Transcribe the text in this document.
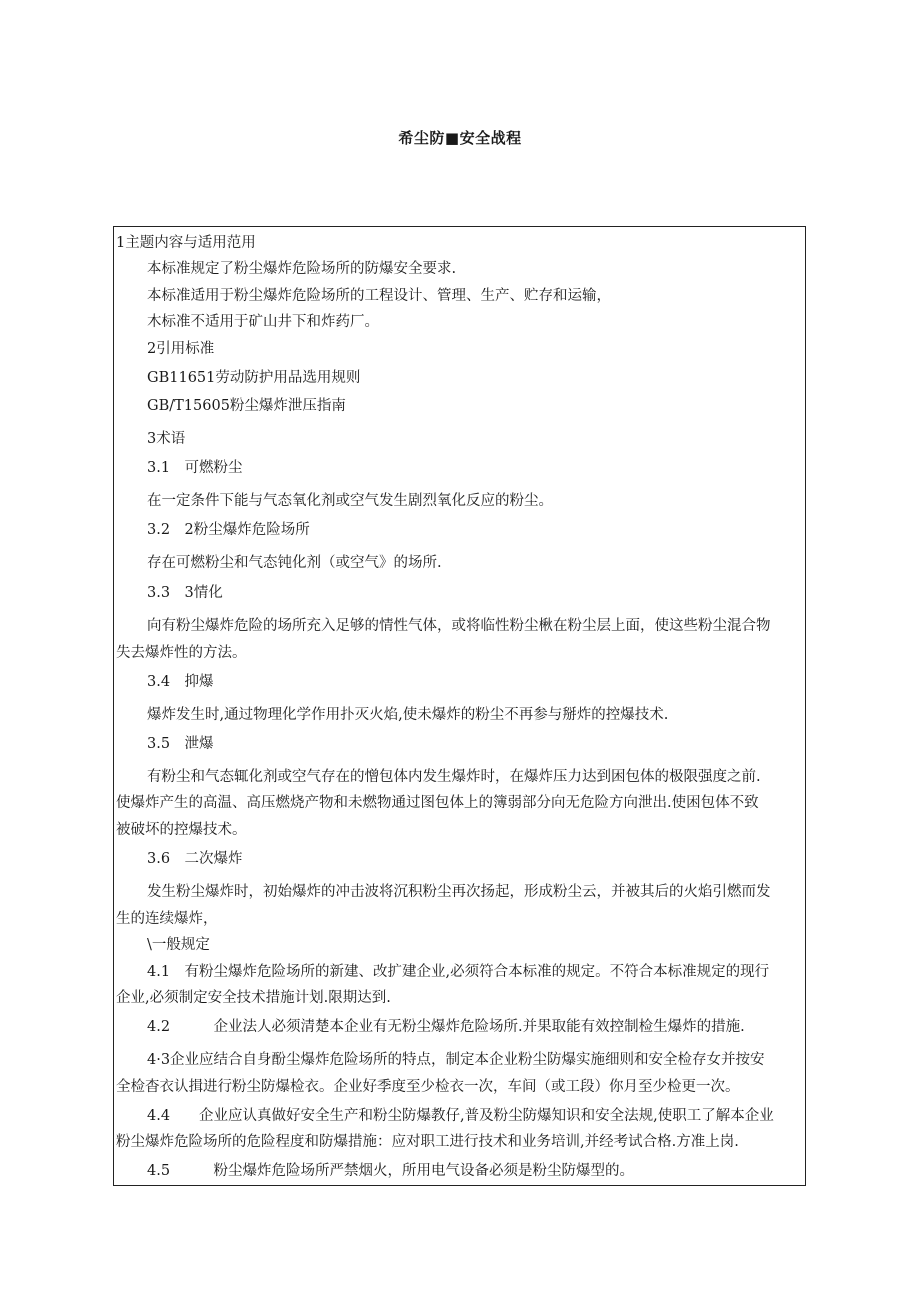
希尘防■安全战程
1主题内容与适用范用
本标准规定了粉尘爆炸危险场所的防爆安全要求.
本标准适用于粉尘爆炸危险场所的工程设计、管理、生产、贮存和运输，
木标准不适用于矿山井下和炸药厂。
2引用标准
GB11651劳动防护用品选用规则
GB/T15605粉尘爆炸泄压指南
3术语
3.1　可燃粉尘
在一定条件下能与气态氧化剂或空气发生剧烈氧化反应的粉尘。
3.2　2粉尘爆炸危险场所
存在可燃粉尘和气态钝化剂（或空气》的场所.
3.3　3情化
向有粉尘爆炸危险的场所充入足够的情性气体，或将临性粉尘楸在粉尘层上面，使这些粉尘混合物
失去爆炸性的方法。
3.4　抑爆
爆炸发生时,通过物理化学作用扑灭火焰,使未爆炸的粉尘不再参与掰炸的控爆技术.
3.5　泄爆
有粉尘和气态辄化剂或空气存在的憎包体内发生爆炸时，在爆炸压力达到困包体的极限强度之前.
使爆炸产生的高温、高压燃烧产物和未燃物通过图包体上的簿弱部分向无危险方向泄出.使困包体不致
被破坏的控爆技术。
3.6　二次爆炸
发生粉尘爆炸时，初始爆炸的冲击波将沉积粉尘再次扬起，形成粉尘云，并被其后的火焰引燃而发
生的连续爆炸，
\一般规定
4.1　有粉尘爆炸危险场所的新建、改扩建企业,必须符合本标准的规定。不符合本标准规定的现行
企业,必须制定安全技术措施计划.限期达到.
4.2　　　企业法人必须清楚本企业有无粉尘爆炸危险场所.并果取能有效控制检生爆炸的措施.
4·3企业应结合自身酚尘爆炸危险场所的特点，制定本企业粉尘防爆实施细则和安全检存女并按安
全检杳衣认揖进行粉尘防爆检衣。企业好季度至少检衣一次，车间（或工段）你月至少检更一次。
4.4　　企业应认真做好安全生产和粉尘防爆教仔,普及粉尘防爆知识和安全法规,使职工了解本企业
粉尘爆炸危险场所的危险程度和防爆措施：应对职工进行技术和业务培训,并经考试合格.方准上岗.
4.5　　　粉尘爆炸危险场所严禁烟火，所用电气设备必须是粉尘防爆型的。
